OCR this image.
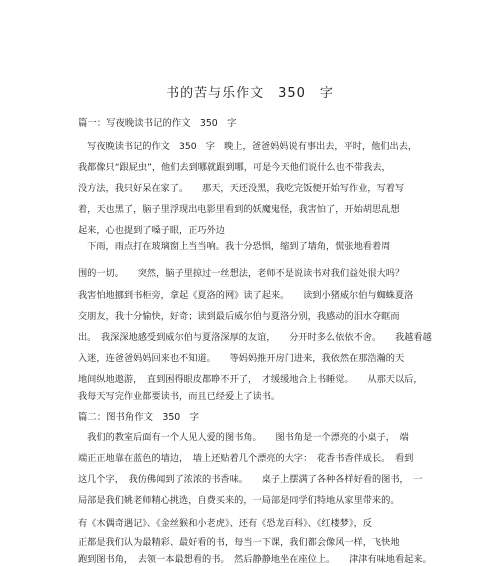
书的苦与乐作文　350　字
篇一：写夜晚读书记的作文　350　字
　写夜晚读书记的作文　350　字　晚上，爸爸妈妈说有事出去，平时，他们出去，
我都像只“跟屁虫”，他们去到哪就跟到哪，可是今天他们说什么也不带我去，
没方法，我只好呆在家了。　　那天，天还没黑，我吃完饭便开始写作业，写着写
着，天也黑了，脑子里浮现出电影里看到的妖魔鬼怪，我害怕了，开始胡思乱想
起来，心也提到了嗓子眼，正巧外边
　下雨，雨点打在玻璃窗上当当响。我十分恐惧，缩到了墙角，慌张地看着周
围的一切。　　突然，脑子里掠过一丝想法，老师不是说读书对我们益处很大吗？
我害怕地挪到书柜旁，拿起《夏洛的网》读了起来。　　读到小猪威尔伯与蜘蛛夏洛
交朋友，我十分愉快，好奇；读到最后威尔伯与夏洛分别，我感动的泪水夺眶而
出。　我深深地感受到威尔伯与夏洛深厚的友谊，　　分开时多么依依不舍。　　我越看越
入迷，连爸爸妈妈回来也不知道。　　等妈妈推开房门进来，我依然在那浩瀚的天
地间纵地遨游，　直到困得眼皮都睁不开了，　才缓缓地合上书睡觉。　　从那天以后，
我每天写完作业都要读书，而且已经爱上了读书。
篇二：图书角作文　350　字
　我们的教室后面有一个人见人爱的图书角。　　图书角是一个漂亮的小桌子，　端
端正正地靠在蓝色的墙边，　墙上还贴着几个漂亮的大字：　花香书香伴成长。　看到
这几个字，　我仿佛闻到了浓浓的书香味。　　桌子上摆满了各种各样好看的图书，　一
局部是我们姚老师精心挑选，自费买来的，一局部是同学们特地从家里带来的。
有《木偶奇遇记》、《金丝猴和小老虎》、还有《恐龙百科》、《红楼梦》，反
正都是我们认为最精彩、最好看的书，每当一下课，我们都会像风一样，飞快地
跑到图书角，　去领一本最想看的书。　然后静静地坐在座位上。　　津津有味地看起来。
